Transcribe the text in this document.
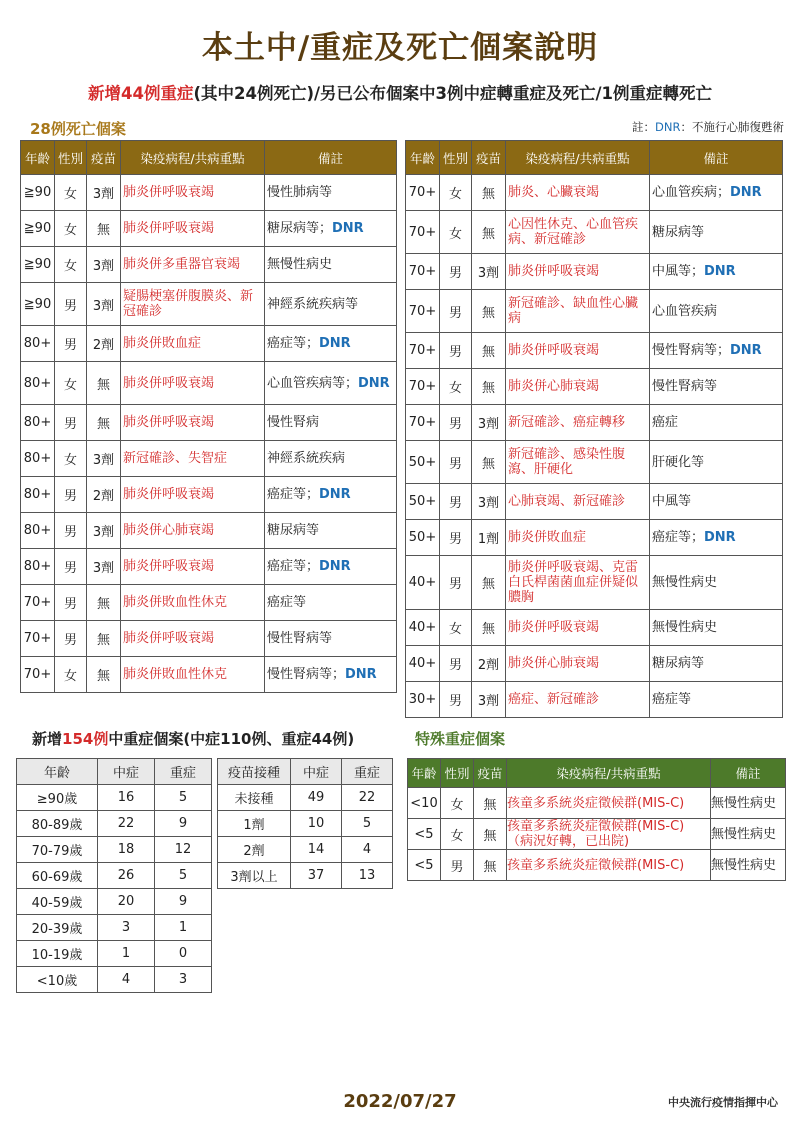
本土中/重症及死亡個案說明
新增44例重症(其中24例死亡)/另已公布個案中3例中症轉重症及死亡/1例重症轉死亡
28例死亡個案	註：DNR：不施行心肺復甦術
年齡	性別	疫苗	染疫病程/共病重點	備註
≧90	女	3劑	肺炎併呼吸衰竭	慢性肺病等
≧90	女	無	肺炎併呼吸衰竭	糖尿病等；DNR
≧90	女	3劑	肺炎併多重器官衰竭	無慢性病史
≧90	男	3劑	疑腸梗塞併腹膜炎、新冠確診	神經系統疾病等
80+	男	2劑	肺炎併敗血症	癌症等；DNR
80+	女	無	肺炎併呼吸衰竭	心血管疾病等；DNR
80+	男	無	肺炎併呼吸衰竭	慢性腎病
80+	女	3劑	新冠確診、失智症	神經系統疾病
80+	男	2劑	肺炎併呼吸衰竭	癌症等；DNR
80+	男	3劑	肺炎併心肺衰竭	糖尿病等
80+	男	3劑	肺炎併呼吸衰竭	癌症等；DNR
70+	男	無	肺炎併敗血性休克	癌症等
70+	男	無	肺炎併呼吸衰竭	慢性腎病等
70+	女	無	肺炎併敗血性休克	慢性腎病等；DNR
年齡	性別	疫苗	染疫病程/共病重點	備註
70+	女	無	肺炎、心臟衰竭	心血管疾病；DNR
70+	女	無	心因性休克、心血管疾病、新冠確診	糖尿病等
70+	男	3劑	肺炎併呼吸衰竭	中風等；DNR
70+	男	無	新冠確診、缺血性心臟病	心血管疾病
70+	男	無	肺炎併呼吸衰竭	慢性腎病等；DNR
70+	女	無	肺炎併心肺衰竭	慢性腎病等
70+	男	3劑	新冠確診、癌症轉移	癌症
50+	男	無	新冠確診、感染性腹瀉、肝硬化	肝硬化等
50+	男	3劑	心肺衰竭、新冠確診	中風等
50+	男	1劑	肺炎併敗血症	癌症等；DNR
40+	男	無	肺炎併呼吸衰竭、克雷白氏桿菌菌血症併疑似膿胸	無慢性病史
40+	女	無	肺炎併呼吸衰竭	無慢性病史
40+	男	2劑	肺炎併心肺衰竭	糖尿病等
30+	男	3劑	癌症、新冠確診	癌症等
新增154例中重症個案(中症110例、重症44例)	特殊重症個案
年齡	中症	重症
≥90歲	16	5
80-89歲	22	9
70-79歲	18	12
60-69歲	26	5
40-59歲	20	9
20-39歲	3	1
10-19歲	1	0
<10歲	4	3
疫苗接種	中症	重症
未接種	49	22
1劑	10	5
2劑	14	4
3劑以上	37	13
年齡	性別	疫苗	染疫病程/共病重點	備註
<10	女	無	孩童多系統炎症徵候群(MIS-C)	無慢性病史
<5	女	無	孩童多系統炎症徵候群(MIS-C)（病況好轉，已出院)	無慢性病史
<5	男	無	孩童多系統炎症徵候群(MIS-C)	無慢性病史
2022/07/27	中央流行疫情指揮中心
